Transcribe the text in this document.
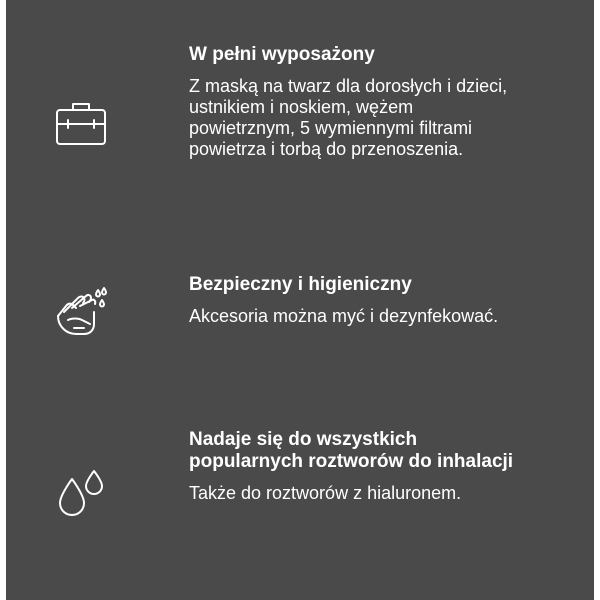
W pełni wyposażony

Z maską na twarz dla dorosłych i dzieci, ustnikiem i noskiem, wężem powietrznym, 5 wymiennymi filtrami powietrza i torbą do przenoszenia.

Bezpieczny i higieniczny

Akcesoria można myć i dezynfekować.

Nadaje się do wszystkich popularnych roztworów do inhalacji

Także do roztworów z hialuronem.
